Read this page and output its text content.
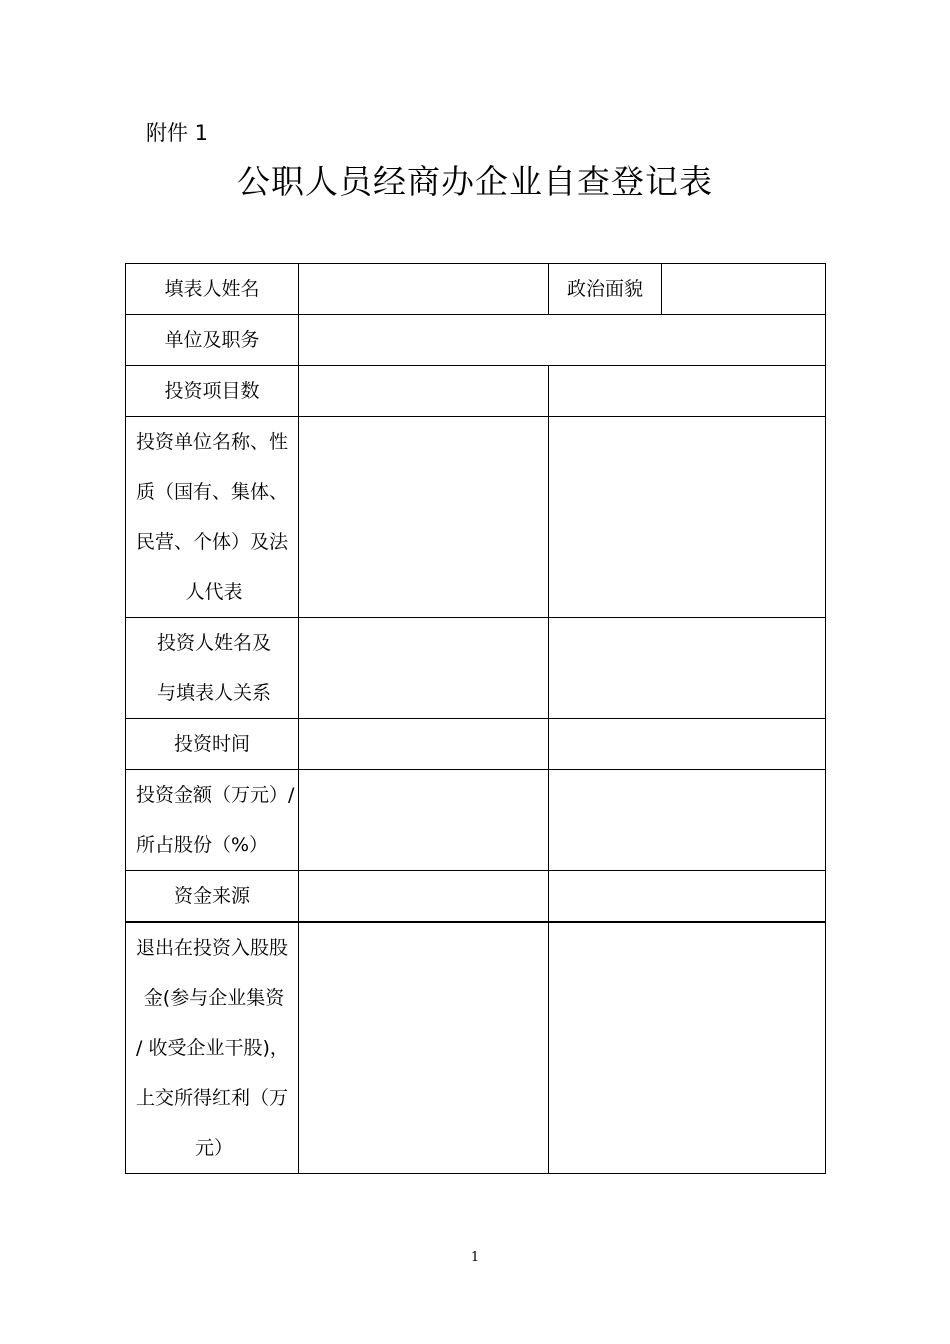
附件 1
公职人员经商办企业自查登记表
填表人姓名		政治面貌	
单位及职务			
投资项目数			

投资单位名称、性
质（国有、集体、
民营、个体）及法
人代表			

投资人姓名及
与填表人关系			

投资时间			

投资金额（万元）/
所占股份（%）			

资金来源			

退出在投资入股股
金(参与企业集资
/ 收受企业干股)，
上交所得红利（万
元）			

1
